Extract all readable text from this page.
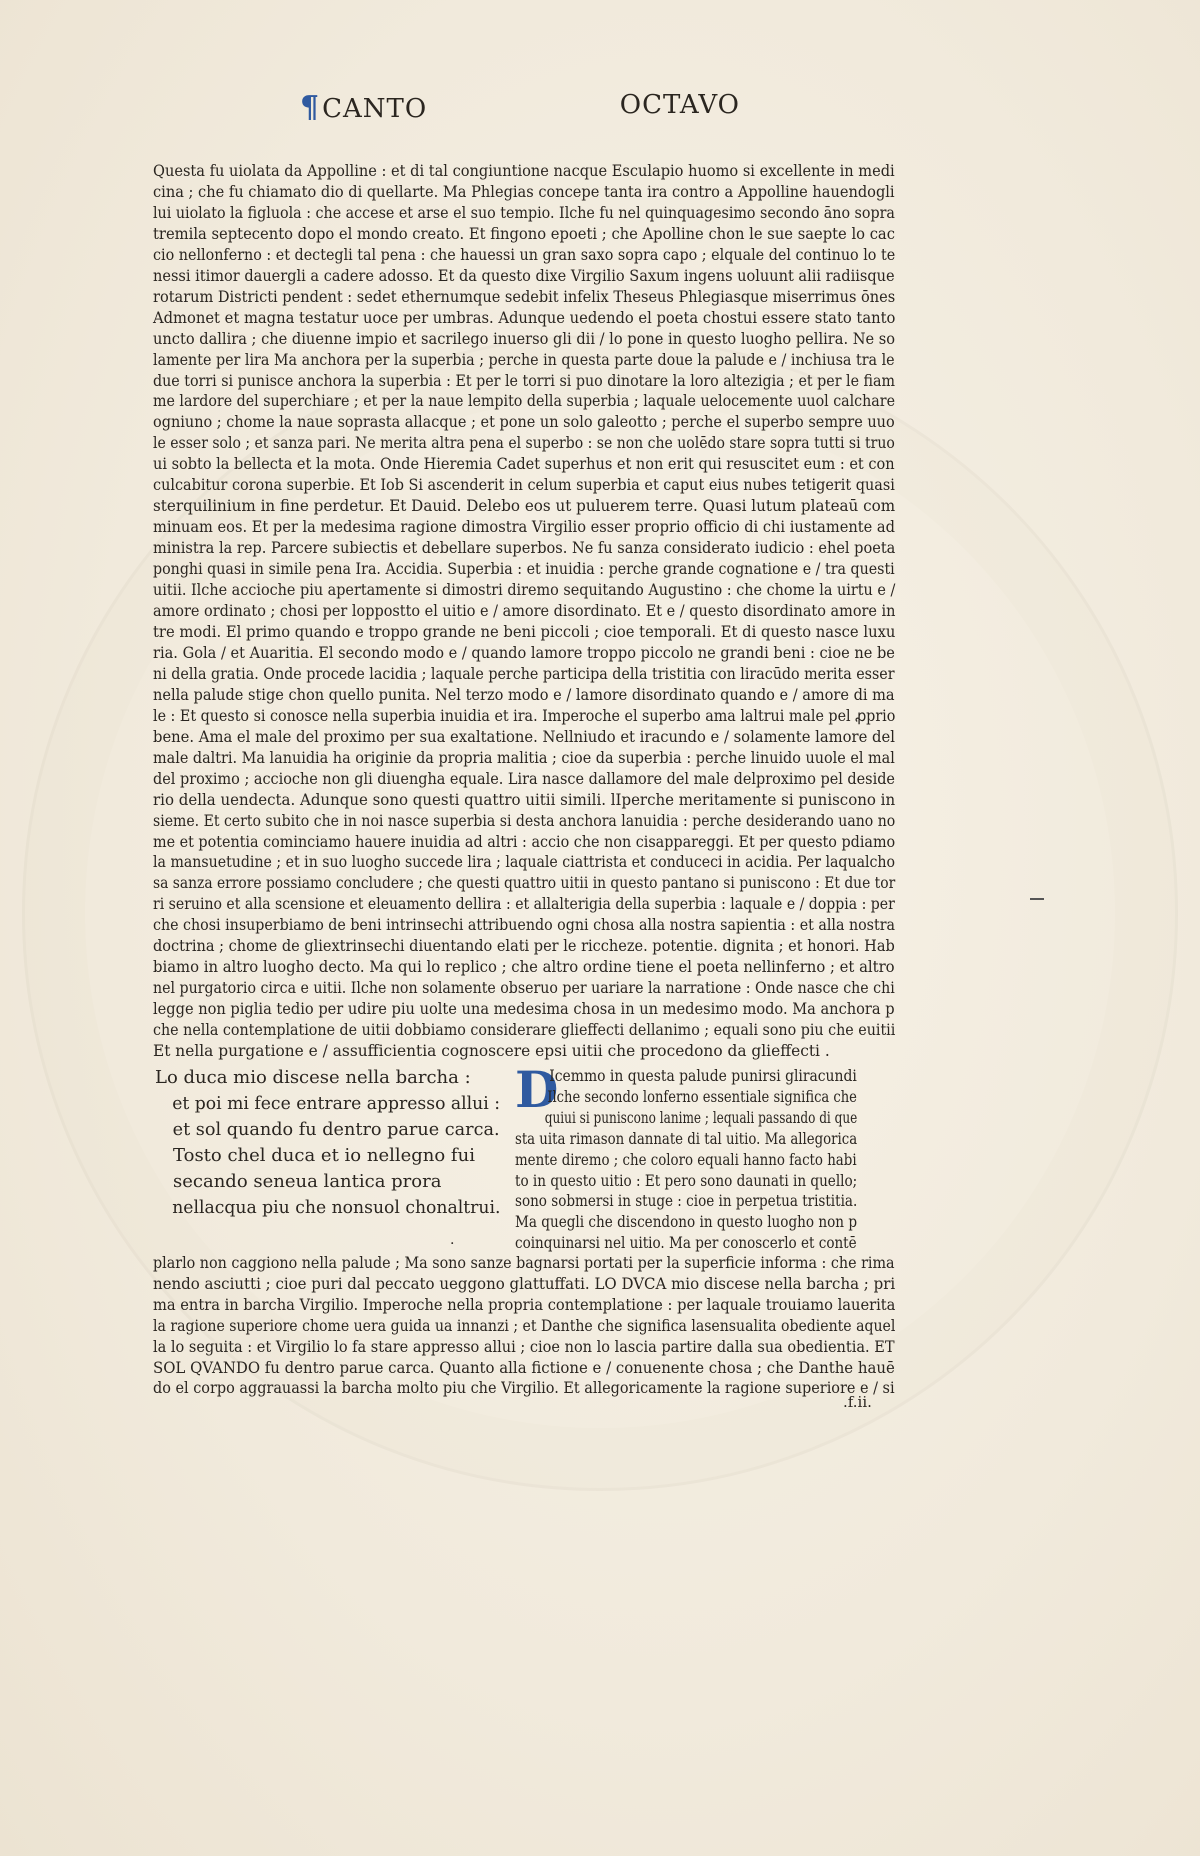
¶CANTO	OCTAVO
Questa fu uiolata da Appolline : et di tal congiuntione nacque Esculapio huomo si excellente in medi
cina ; che fu chiamato dio di quellarte. Ma Phlegias concepe tanta ira contro a Appolline hauendogli
lui uiolato la figluola : che accese et arse el suo tempio. Ilche fu nel quinquagesimo secondo āno sopra
tremila septecento dopo el mondo creato. Et fingono epoeti ; che Apolline chon le sue saepte lo cac
cio nellonferno : et dectegli tal pena : che hauessi un gran saxo sopra capo ; elquale del continuo lo te
nessi itimor dauergli a cadere adosso. Et da questo dixe Virgilio Saxum ingens uoluunt alii radiisque
rotarum Districti pendent : sedet ethernumque sedebit infelix Theseus Phlegiasque miserrimus ōnes
Admonet et magna testatur uoce per umbras. Adunque uedendo el poeta chostui essere stato tanto
uncto dallira ; che diuenne impio et sacrilego inuerso gli dii / lo pone in questo luogho pellira. Ne so
lamente per lira Ma anchora per la superbia ; perche in questa parte doue la palude e / inchiusa tra le
due torri si punisce anchora la superbia : Et per le torri si puo dinotare la loro altezigia ; et per le fiam
me lardore del superchiare ; et per la naue lempito della superbia ; laquale uelocemente uuol calchare
ogniuno ; chome la naue soprasta allacque ; et pone un solo galeotto ; perche el superbo sempre uuo
le esser solo ; et sanza pari. Ne merita altra pena el superbo : se non che uolēdo stare sopra tutti si truo
ui sobto la bellecta et la mota. Onde Hieremia Cadet superhus et non erit qui resuscitet eum : et con
culcabitur corona superbie. Et Iob Si ascenderit in celum superbia et caput eius nubes tetigerit quasi
sterquilinium in fine perdetur. Et Dauid. Delebo eos ut puluerem terre. Quasi lutum plateaū com
minuam eos. Et per la medesima ragione dimostra Virgilio esser proprio officio di chi iustamente ad
ministra la rep. Parcere subiectis et debellare superbos. Ne fu sanza considerato iudicio : ehel poeta
ponghi quasi in simile pena Ira. Accidia. Superbia : et inuidia : perche grande cognatione e / tra questi
uitii. Ilche accioche piu apertamente si dimostri diremo sequitando Augustino : che chome la uirtu e /
amore ordinato ; chosi per loppostto el uitio e / amore disordinato. Et e / questo disordinato amore in
tre modi. El primo quando e troppo grande ne beni piccoli ; cioe temporali. Et di questo nasce luxu
ria. Gola / et Auaritia. El secondo modo e / quando lamore troppo piccolo ne grandi beni : cioe ne be
ni della gratia. Onde procede lacidia ; laquale perche participa della tristitia con liracūdo merita esser
nella palude stige chon quello punita. Nel terzo modo e / lamore disordinato quando e / amore di ma
le : Et questo si conosce nella superbia inuidia et ira. Imperoche el superbo ama laltrui male pel ꝓprio
bene. Ama el male del proximo per sua exaltatione. Nellniudo et iracundo e / solamente lamore del
male daltri. Ma lanuidia ha originie da propria malitia ; cioe da superbia : perche linuido uuole el mal
del proximo ; accioche non gli diuengha equale. Lira nasce dallamore del male delproximo pel deside
rio della uendecta. Adunque sono questi quattro uitii simili. lIperche meritamente si puniscono in
sieme. Et certo subito che in noi nasce superbia si desta anchora lanuidia : perche desiderando uano no
me et potentia cominciamo hauere inuidia ad altri : accio che non cisappareggi. Et per questo pdiamo
la mansuetudine ; et in suo luogho succede lira ; laquale ciattrista et conduceci in acidia. Per laqualcho
sa sanza errore possiamo concludere ; che questi quattro uitii in questo pantano si puniscono : Et due tor
ri seruino et alla scensione et eleuamento dellira : et allalterigia della superbia : laquale e / doppia : per
che chosi insuperbiamo de beni intrinsechi attribuendo ogni chosa alla nostra sapientia : et alla nostra
doctrina ; chome de gliextrinsechi diuentando elati per le riccheze. potentie. dignita ; et honori. Hab
biamo in altro luogho decto. Ma qui lo replico ; che altro ordine tiene el poeta nellinferno ; et altro
nel purgatorio circa e uitii. Ilche non solamente obseruo per uariare la narratione : Onde nasce che chi
legge non piglia tedio per udire piu uolte una medesima chosa in un medesimo modo. Ma anchora p
che nella contemplatione de uitii dobbiamo considerare glieffecti dellanimo ; equali sono piu che euitii
Et nella purgatione e / assufficientia cognoscere epsi uitii che procedono da glieffecti .
Lo duca mio discese nella barcha :
et poi mi fece entrare appresso allui :
et sol quando fu dentro parue carca.
Tosto chel duca et io nellegno fui
secando seneua lantica prora
nellacqua piu che nonsuol chonaltrui.
D
Icemmo in questa palude punirsi gliracundi
Ilche secondo lonferno essentiale significa che
quiui si puniscono lanime ; lequali passando di que
sta uita rimason dannate di tal uitio. Ma allegorica
mente diremo ; che coloro equali hanno facto habi
to in questo uitio : Et pero sono daunati in quello;
sono sobmersi in stuge : cioe in perpetua tristitia.
Ma quegli che discendono in questo luogho non p
coinquinarsi nel uitio. Ma per conoscerlo et contē
.
plarlo non caggiono nella palude ; Ma sono sanze bagnarsi portati per la superficie informa : che rima
nendo asciutti ; cioe puri dal peccato ueggono glattuffati. LO DVCA mio discese nella barcha ; pri
ma entra in barcha Virgilio. Imperoche nella propria contemplatione : per laquale trouiamo lauerita
la ragione superiore chome uera guida ua innanzi ; et Danthe che significa lasensualita obediente aquel
la lo seguita : et Virgilio lo fa stare appresso allui ; cioe non lo lascia partire dalla sua obedientia. ET
SOL QVANDO fu dentro parue carca. Quanto alla fictione e / conuenente chosa ; che Danthe hauē
do el corpo aggrauassi la barcha molto piu che Virgilio. Et allegoricamente la ragione superiore e / si
.f.ii.
